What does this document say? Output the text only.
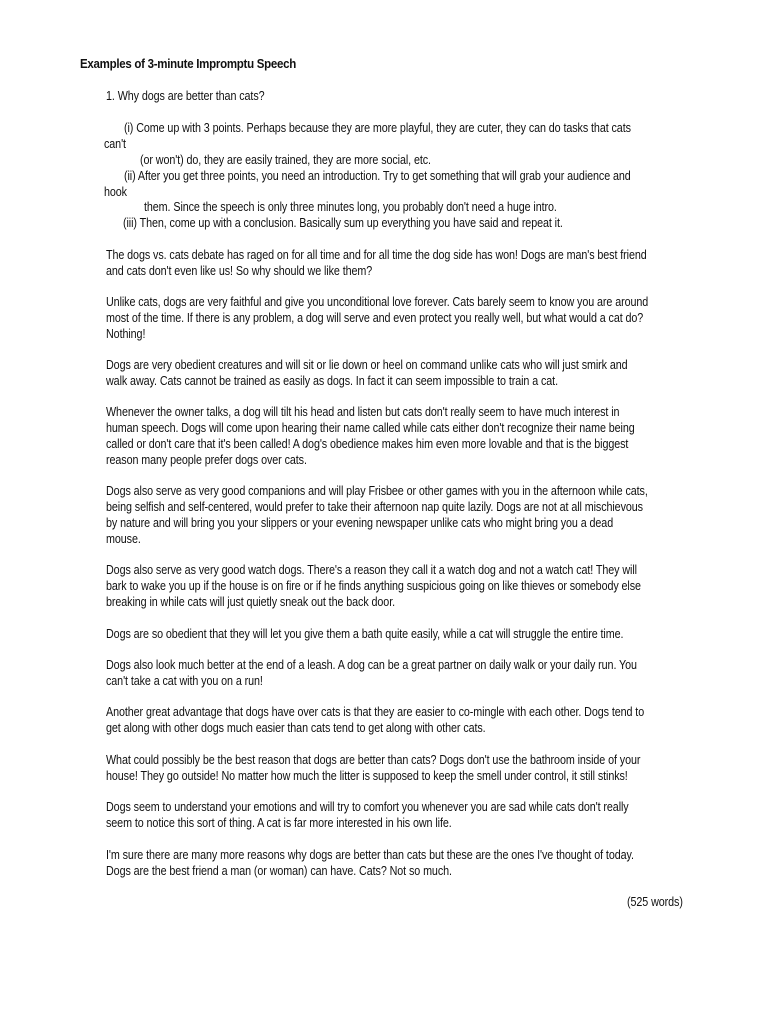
Examples of 3-minute Impromptu Speech
1. Why dogs are better than cats?
(i) Come up with 3 points. Perhaps because they are more playful, they are cuter, they can do tasks that cats
can't
(or won't) do, they are easily trained, they are more social, etc.
(ii) After you get three points, you need an introduction. Try to get something that will grab your audience and
hook
them. Since the speech is only three minutes long, you probably don't need a huge intro.
(iii) Then, come up with a conclusion. Basically sum up everything you have said and repeat it.
The dogs vs. cats debate has raged on for all time and for all time the dog side has won! Dogs are man's best friend
and cats don't even like us! So why should we like them?
Unlike cats, dogs are very faithful and give you unconditional love forever. Cats barely seem to know you are around
most of the time. If there is any problem, a dog will serve and even protect you really well, but what would a cat do?
Nothing!
Dogs are very obedient creatures and will sit or lie down or heel on command unlike cats who will just smirk and
walk away. Cats cannot be trained as easily as dogs. In fact it can seem impossible to train a cat.
Whenever the owner talks, a dog will tilt his head and listen but cats don't really seem to have much interest in
human speech. Dogs will come upon hearing their name called while cats either don't recognize their name being
called or don't care that it's been called! A dog's obedience makes him even more lovable and that is the biggest
reason many people prefer dogs over cats.
Dogs also serve as very good companions and will play Frisbee or other games with you in the afternoon while cats,
being selfish and self-centered, would prefer to take their afternoon nap quite lazily. Dogs are not at all mischievous
by nature and will bring you your slippers or your evening newspaper unlike cats who might bring you a dead
mouse.
Dogs also serve as very good watch dogs. There's a reason they call it a watch dog and not a watch cat! They will
bark to wake you up if the house is on fire or if he finds anything suspicious going on like thieves or somebody else
breaking in while cats will just quietly sneak out the back door.
Dogs are so obedient that they will let you give them a bath quite easily, while a cat will struggle the entire time.
Dogs also look much better at the end of a leash. A dog can be a great partner on daily walk or your daily run. You
can't take a cat with you on a run!
Another great advantage that dogs have over cats is that they are easier to co-mingle with each other. Dogs tend to
get along with other dogs much easier than cats tend to get along with other cats.
What could possibly be the best reason that dogs are better than cats? Dogs don't use the bathroom inside of your
house! They go outside! No matter how much the litter is supposed to keep the smell under control, it still stinks!
Dogs seem to understand your emotions and will try to comfort you whenever you are sad while cats don't really
seem to notice this sort of thing. A cat is far more interested in his own life.
I'm sure there are many more reasons why dogs are better than cats but these are the ones I've thought of today.
Dogs are the best friend a man (or woman) can have. Cats? Not so much.
(525 words)
